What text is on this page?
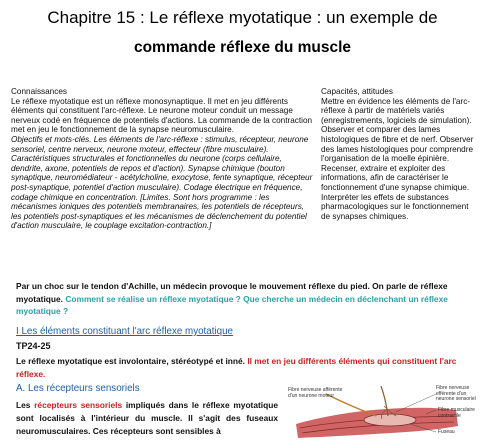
Chapitre 15 : Le réflexe myotatique : un exemple de
commande réflexe du muscle

Connaissances

Le réflexe myotatique est un réflexe monosynaptique. Il met en jeu différents éléments qui constituent l'arc-réflexe. Le neurone moteur conduit un message nerveux codé en fréquence de potentiels d'actions. La commande de la contraction met en jeu le fonctionnement de la synapse neuromusculaire.

Objectifs et mots-clés. Les éléments de l'arc-réflexe : stimulus, récepteur, neurone sensoriel, centre nerveux, neurone moteur, effecteur (fibre musculaire). Caractéristiques structurales et fonctionnelles du neurone (corps cellulaire, dendrite, axone, potentiels de repos et d'action). Synapse chimique (bouton synaptique, neuromédiateur - acétylcholine, exocytose, fente synaptique, récepteur post-synaptique, potentiel d'action musculaire). Codage électrique en fréquence, codage chimique en concentration. [Limites. Sont hors programme : les mécanismes ioniques des potentiels membranaires, les potentiels de récepteurs, les potentiels post-synaptiques et les mécanismes de déclenchement du potentiel d'action musculaire, le couplage excitation-contraction.]

Capacités, attitudes

Mettre en évidence les éléments de l'arc-réflexe à partir de matériels variés (enregistrements, logiciels de simulation). Observer et comparer des lames histologiques de fibre et de nerf. Observer des lames histologiques pour comprendre l'organisation de la moelle épinière. Recenser, extraire et exploiter des informations, afin de caractériser le fonctionnement d'une synapse chimique. Interpréter les effets de substances pharmacologiques sur le fonctionnement de synapses chimiques.

Par un choc sur le tendon d'Achille, un médecin provoque le mouvement réflexe du pied. On parle de réflexe myotatique. Comment se réalise un réflexe myotatique ? Que cherche un médecin en déclenchant un réflexe myotatique ?
I Les éléments constituant l'arc réflexe myotatique
TP24-25
Le réflexe myotatique est involontaire, stéréotypé et inné. Il met en jeu différents éléments qui constituent l'arc réflexe.
A. Les récepteurs sensoriels
Les récepteurs sensoriels impliqués dans le réflexe myotatique sont localisés à l'intérieur du muscle. Il s'agit des fuseaux neuromusculaires. Ces récepteurs sont sensibles à
Fibre nerveuse afférente d'un neurone moteur
Fibre nerveuse efférente d'un neurone sensoriel
Fibre musculaire contractile
Fuseau
